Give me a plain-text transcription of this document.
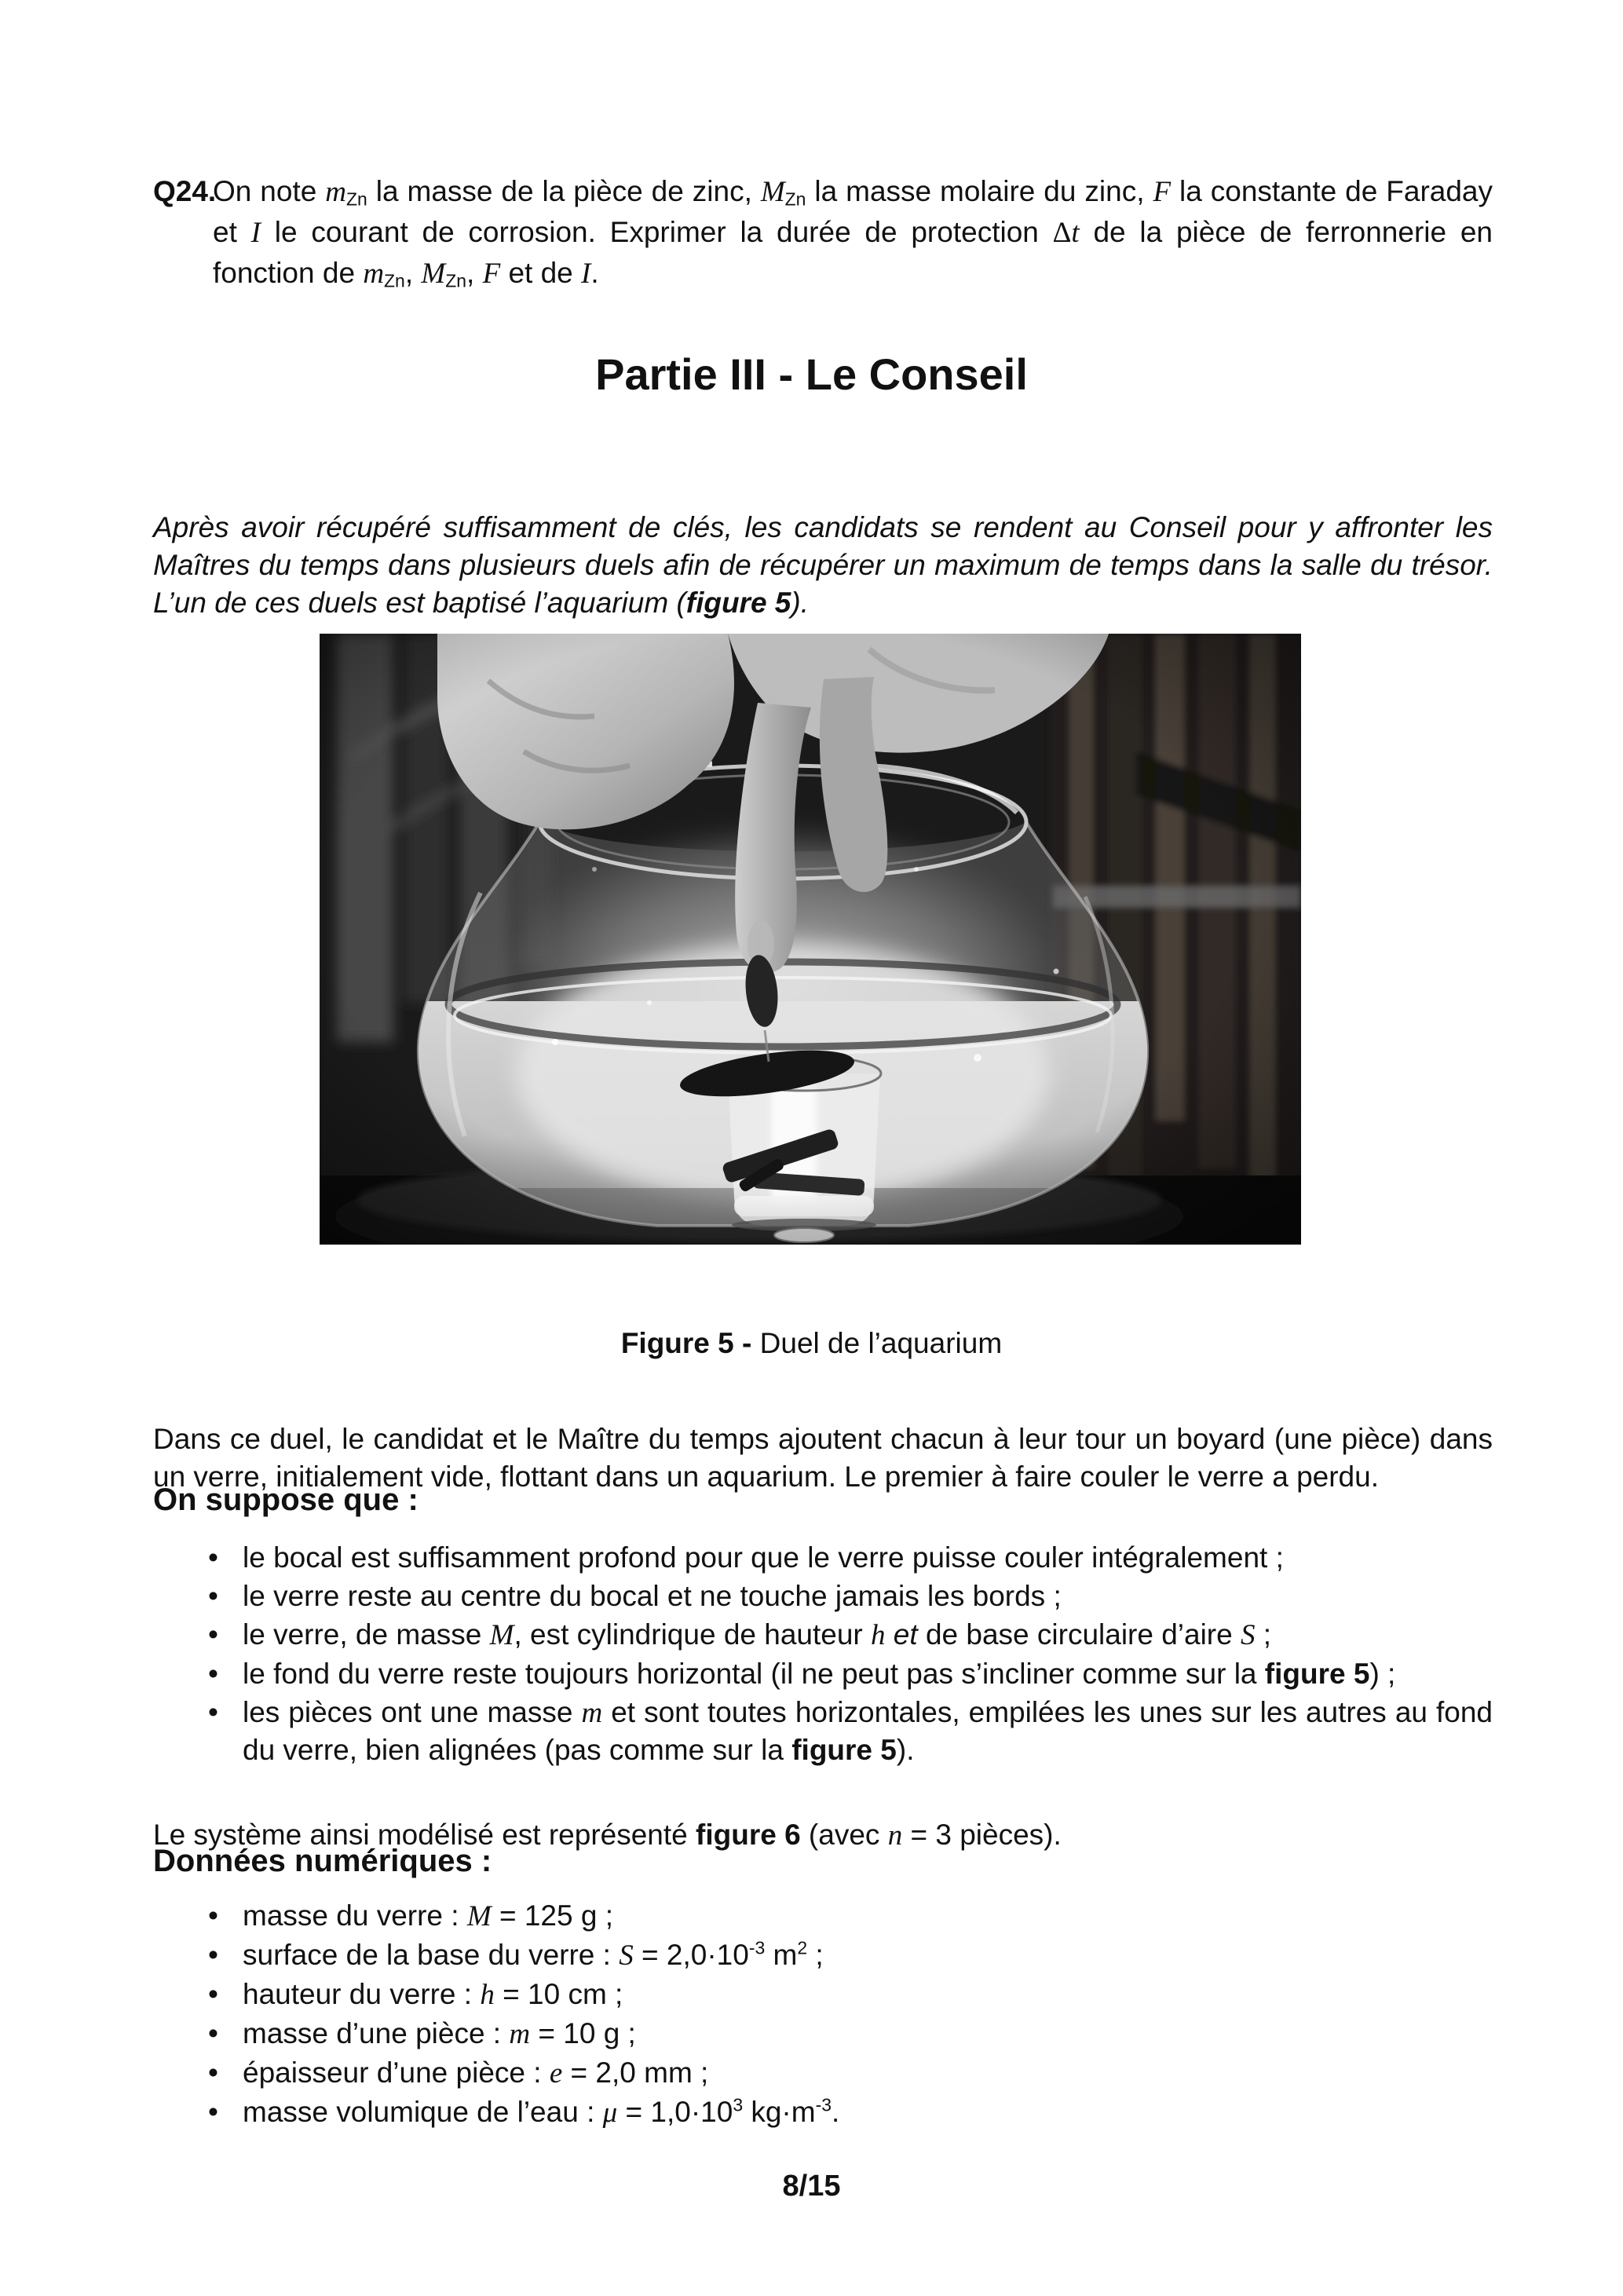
Q24.
On note $m_{Zn}$ la masse de la pièce de zinc, $M_{Zn}$ la masse molaire du zinc, F la constante de Faraday et I le courant de corrosion. Exprimer la durée de protection Δt de la pièce de ferronnerie en fonction de $m_{Zn}$, $M_{Zn}$, F et de I.
Partie III - Le Conseil

Après avoir récupéré suffisamment de clés, les candidats se rendent au Conseil pour y affronter les Maîtres du temps dans plusieurs duels afin de récupérer un maximum de temps dans la salle du trésor. L’un de ces duels est baptisé l’aquarium (figure 5).

Figure 5 - Duel de l’aquarium

Dans ce duel, le candidat et le Maître du temps ajoutent chacun à leur tour un boyard (une pièce) dans un verre, initialement vide, flottant dans un aquarium. Le premier à faire couler le verre a perdu.

On suppose que :
• le bocal est suffisamment profond pour que le verre puisse couler intégralement ;
• le verre reste au centre du bocal et ne touche jamais les bords ;
• le verre, de masse M, est cylindrique de hauteur h et de base circulaire d’aire S ;
• le fond du verre reste toujours horizontal (il ne peut pas s’incliner comme sur la figure 5) ;
• les pièces ont une masse m et sont toutes horizontales, empilées les unes sur les autres au fond du verre, bien alignées (pas comme sur la figure 5).

Le système ainsi modélisé est représenté figure 6 (avec n = 3 pièces).

Données numériques :
• masse du verre : M = 125 g ;
• surface de la base du verre : $S = 2,0\cdot 10^{-3}$ $m^2$ ;
• hauteur du verre : h = 10 cm ;
• masse d’une pièce : m = 10 g ;
• épaisseur d’une pièce : e = 2,0 mm ;
• masse volumique de l’eau : $\mu = 1,0\cdot 10^3$ $kg\cdot m^{-3}$.
8/15
